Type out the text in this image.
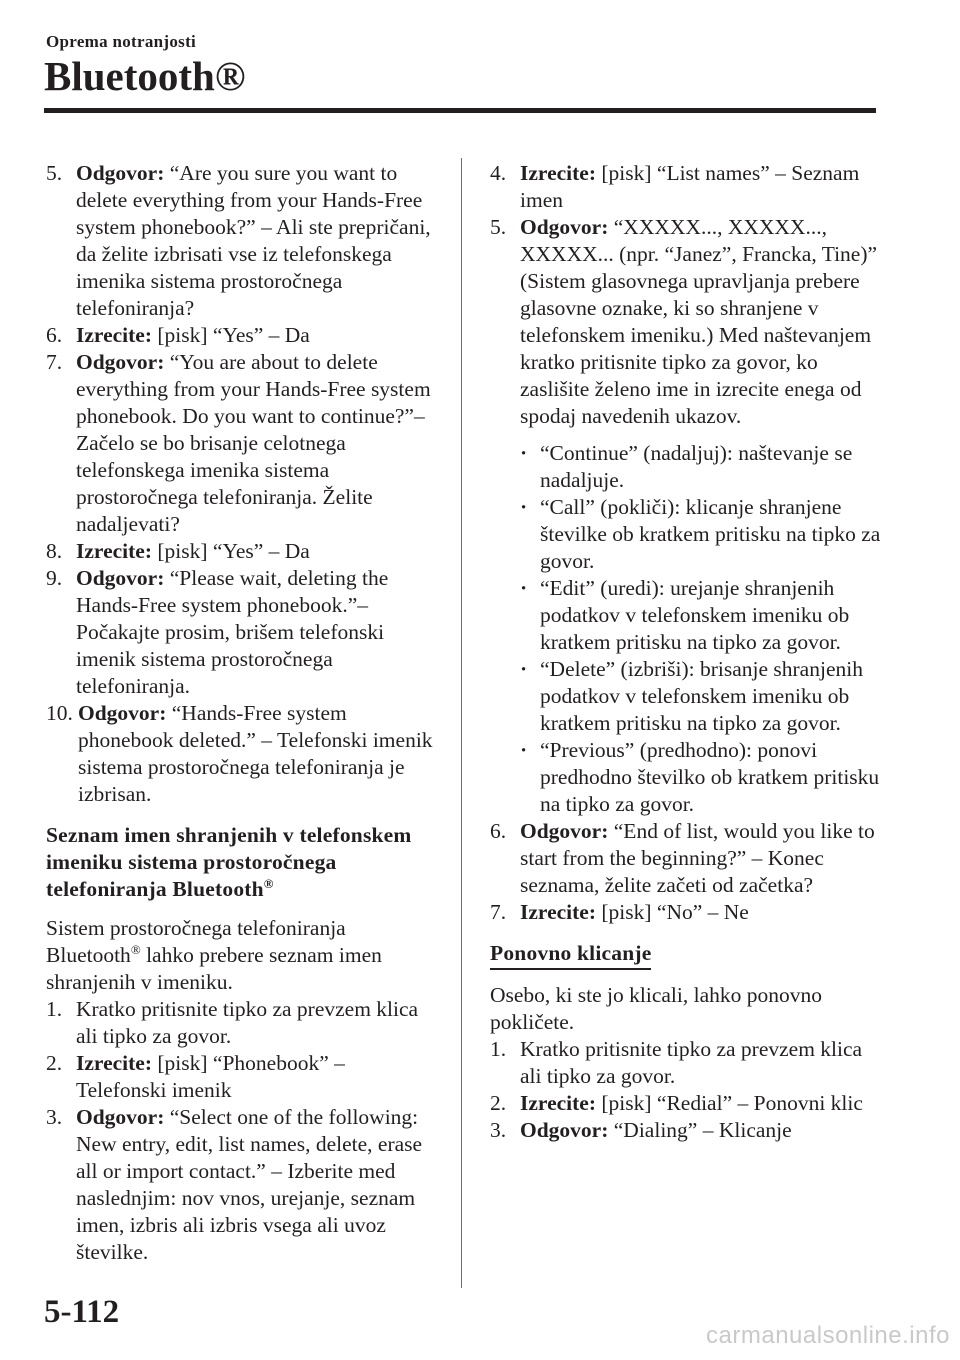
Oprema notranjosti
Bluetooth®
5. Odgovor: “Are you sure you want to delete everything from your Hands-Free system phonebook?” – Ali ste prepričani, da želite izbrisati vse iz telefonskega imenika sistema prostoročnega telefoniranja?
6. Izrecite: [pisk] “Yes” – Da
7. Odgovor: “You are about to delete everything from your Hands-Free system phonebook. Do you want to continue?”– Začelo se bo brisanje celotnega telefonskega imenika sistema prostoročnega telefoniranja. Želite nadaljevati?
8. Izrecite: [pisk] “Yes” – Da
9. Odgovor: “Please wait, deleting the Hands-Free system phonebook.”– Počakajte prosim, brišem telefonski imenik sistema prostoročnega telefoniranja.
10. Odgovor: “Hands-Free system phonebook deleted.” – Telefonski imenik sistema prostoročnega telefoniranja je izbrisan.
Seznam imen shranjenih v telefonskem imeniku sistema prostoročnega telefoniranja Bluetooth®
Sistem prostoročnega telefoniranja Bluetooth® lahko prebere seznam imen shranjenih v imeniku.
1. Kratko pritisnite tipko za prevzem klica ali tipko za govor.
2. Izrecite: [pisk] “Phonebook” – Telefonski imenik
3. Odgovor: “Select one of the following: New entry, edit, list names, delete, erase all or import contact.” – Izberite med naslednjim: nov vnos, urejanje, seznam imen, izbris ali izbris vsega ali uvoz številke.
4. Izrecite: [pisk] “List names” – Seznam imen
5. Odgovor: “XXXXX..., XXXXX..., XXXXX... (npr. “Janez”, Francka, Tine)” (Sistem glasovnega upravljanja prebere glasovne oznake, ki so shranjene v telefonskem imeniku.) Med naštevanjem kratko pritisnite tipko za govor, ko zaslišite želeno ime in izrecite enega od spodaj navedenih ukazov.
· “Continue” (nadaljuj): naštevanje se nadaljuje.
· “Call” (pokliči): klicanje shranjene številke ob kratkem pritisku na tipko za govor.
· “Edit” (uredi): urejanje shranjenih podatkov v telefonskem imeniku ob kratkem pritisku na tipko za govor.
· “Delete” (izbriši): brisanje shranjenih podatkov v telefonskem imeniku ob kratkem pritisku na tipko za govor.
· “Previous” (predhodno): ponovi predhodno številko ob kratkem pritisku na tipko za govor.
6. Odgovor: “End of list, would you like to start from the beginning?” – Konec seznama, želite začeti od začetka?
7. Izrecite: [pisk] “No” – Ne
Ponovno klicanje
Osebo, ki ste jo klicali, lahko ponovno pokličete.
1. Kratko pritisnite tipko za prevzem klica ali tipko za govor.
2. Izrecite: [pisk] “Redial” – Ponovni klic
3. Odgovor: “Dialing” – Klicanje
5-112
carmanualsonline.info
